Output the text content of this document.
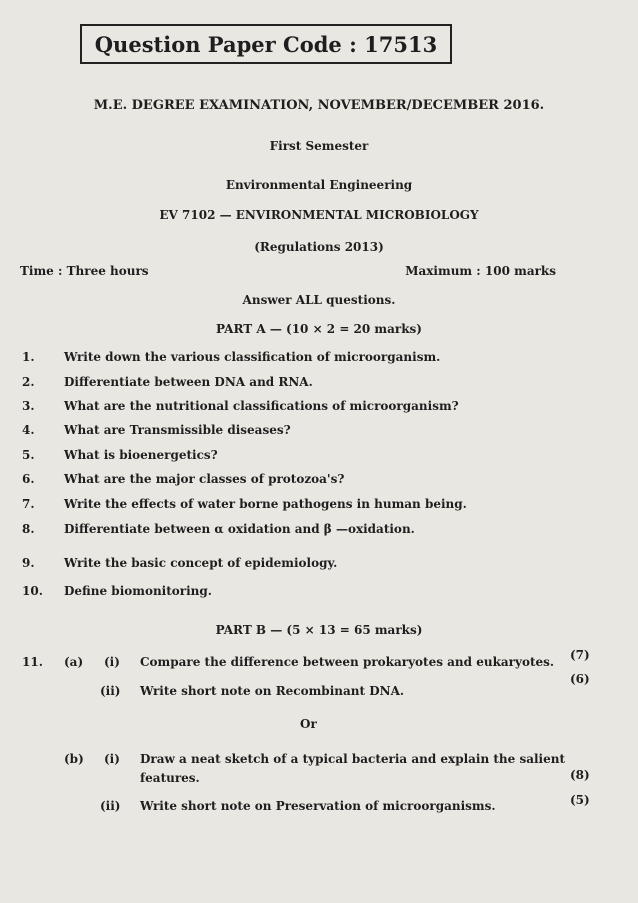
Question Paper Code : 17513
M.E. DEGREE EXAMINATION, NOVEMBER/DECEMBER 2016.
First Semester
Environmental Engineering
EV 7102 — ENVIRONMENTAL MICROBIOLOGY
(Regulations 2013)
Time : Three hours	Maximum : 100 marks
Answer ALL questions.
PART A — (10 × 2 = 20 marks)
1. Write down the various classification of microorganism.
2. Differentiate between DNA and RNA.
3. What are the nutritional classifications of microorganism?
4. What are Transmissible diseases?
5. What is bioenergetics?
6. What are the major classes of protozoa's?
7. Write the effects of water borne pathogens in human being.
8. Differentiate between α oxidation and β —oxidation.
9. Write the basic concept of epidemiology.
10. Define biomonitoring.
PART B — (5 × 13 = 65 marks)
11. (a) (i) Compare the difference between prokaryotes and eukaryotes. (7)
(ii) Write short note on Recombinant DNA.
(6)
Or
(b) (i) Draw a neat sketch of a typical bacteria and explain the salient
features.	(8)
(ii) Write short note on Preservation of microorganisms.	(5)
